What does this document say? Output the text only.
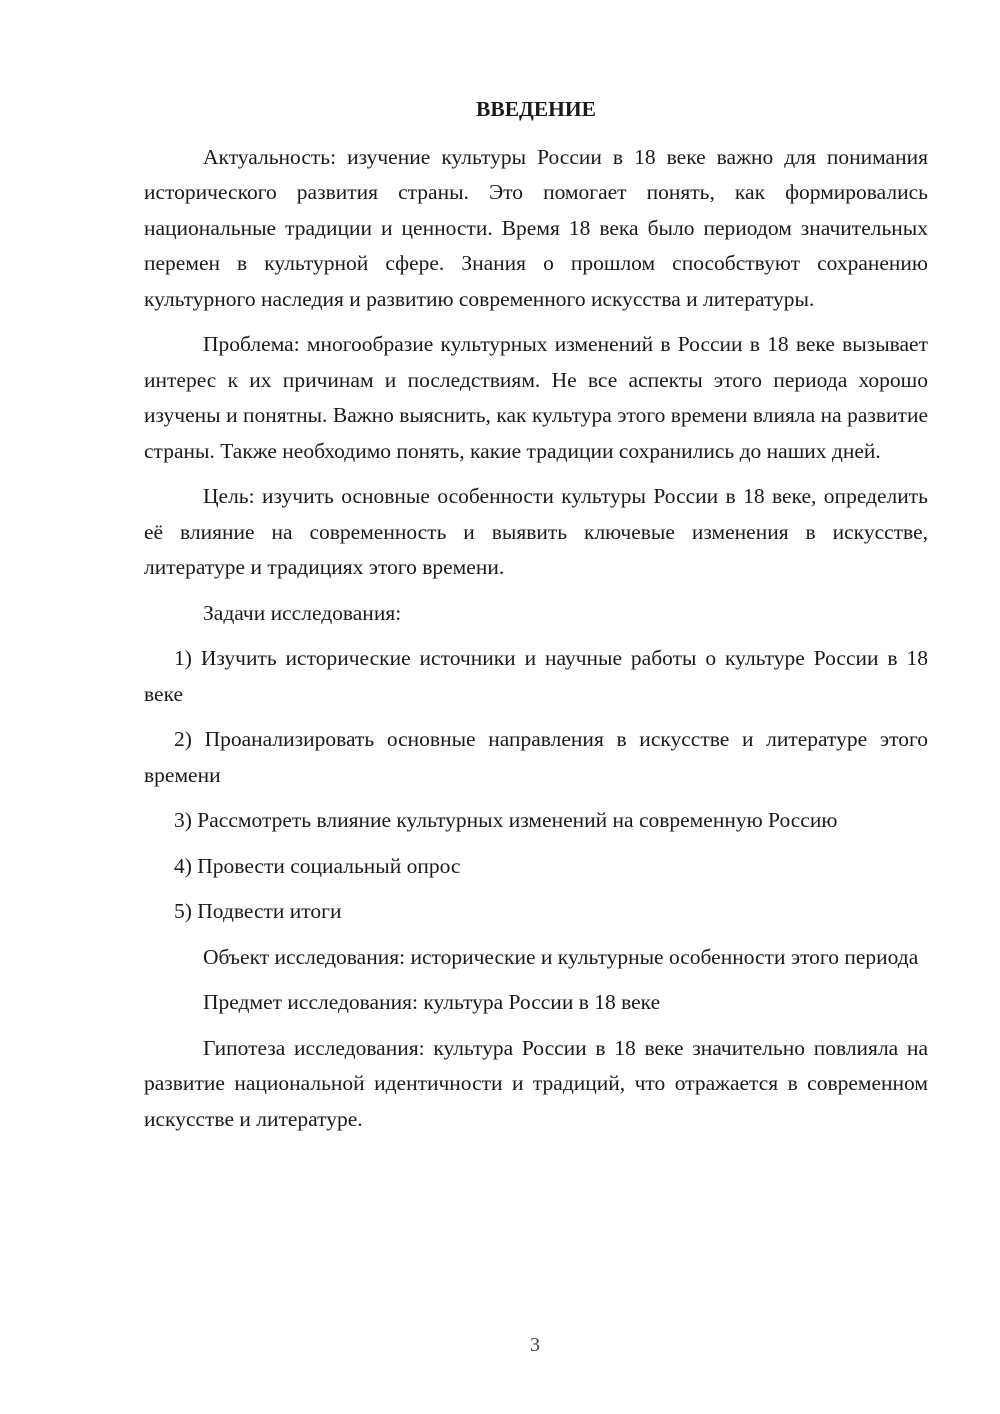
ВВЕДЕНИЕ

Актуальность: изучение культуры России в 18 веке важно для понимания исторического развития страны. Это помогает понять, как формировались национальные традиции и ценности. Время 18 века было периодом значительных перемен в культурной сфере. Знания о прошлом способствуют сохранению культурного наследия и развитию современного искусства и литературы.

Проблема: многообразие культурных изменений в России в 18 веке вызывает интерес к их причинам и последствиям. Не все аспекты этого периода хорошо изучены и понятны. Важно выяснить, как культура этого времени влияла на развитие страны. Также необходимо понять, какие традиции сохранились до наших дней.

Цель: изучить основные особенности культуры России в 18 веке, определить её влияние на современность и выявить ключевые изменения в искусстве, литературе и традициях этого времени.

Задачи исследования:

1) Изучить исторические источники и научные работы о культуре России в 18 веке

2) Проанализировать основные направления в искусстве и литературе этого времени

3) Рассмотреть влияние культурных изменений на современную Россию

4) Провести социальный опрос

5) Подвести итоги

Объект исследования: исторические и культурные особенности этого периода

Предмет исследования: культура России в 18 веке

Гипотеза исследования: культура России в 18 веке значительно повлияла на развитие национальной идентичности и традиций, что отражается в современном искусстве и литературе.

3
